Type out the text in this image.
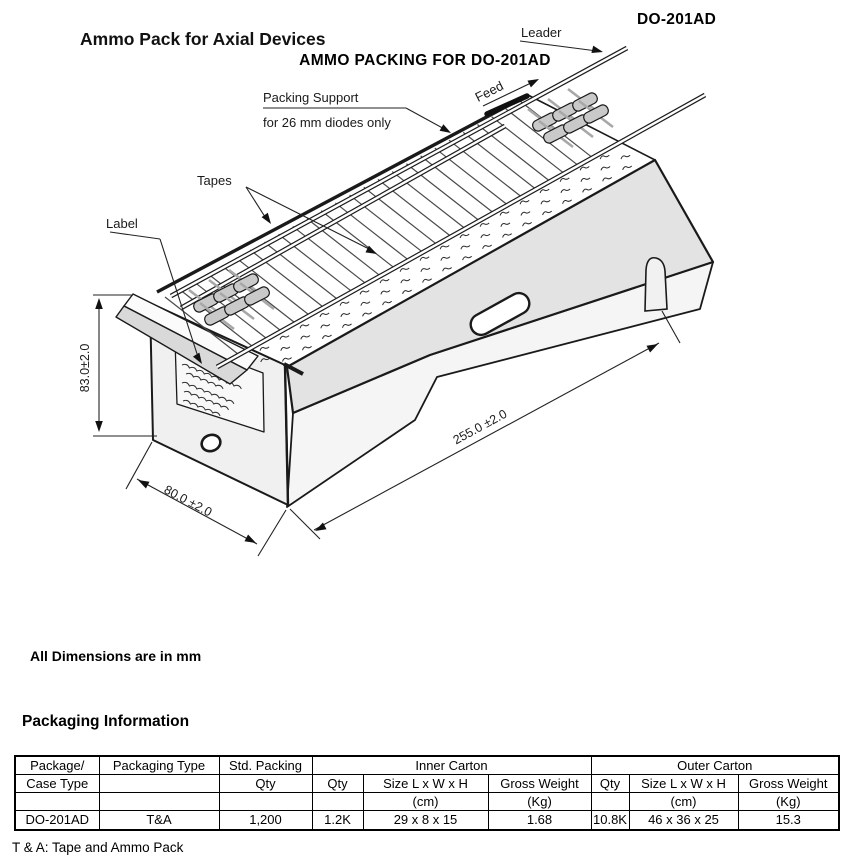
DO-201AD
AMMO PACKING FOR DO-201AD
Ammo Pack for Axial Devices	Leader
Feed
Packing Support
for 26 mm diodes only
Tapes
Label
83.0±2.0
80.0 ±2.0
255.0 ±2.0
All Dimensions are in mm
Packaging Information
Package/	Packaging Type	Std. Packing	Inner Carton			Outer Carton		
Case Type		Qty	Qty	Size L x W x H	Gross Weight	Qty	Size L x W x H	Gross Weight
				(cm)	(Kg)		(cm)	(Kg)
DO-201AD	T&A	1,200	1.2K	29 x 8 x 15	1.68	10.8K	46 x 36 x 25	15.3
T & A: Tape and Ammo Pack
